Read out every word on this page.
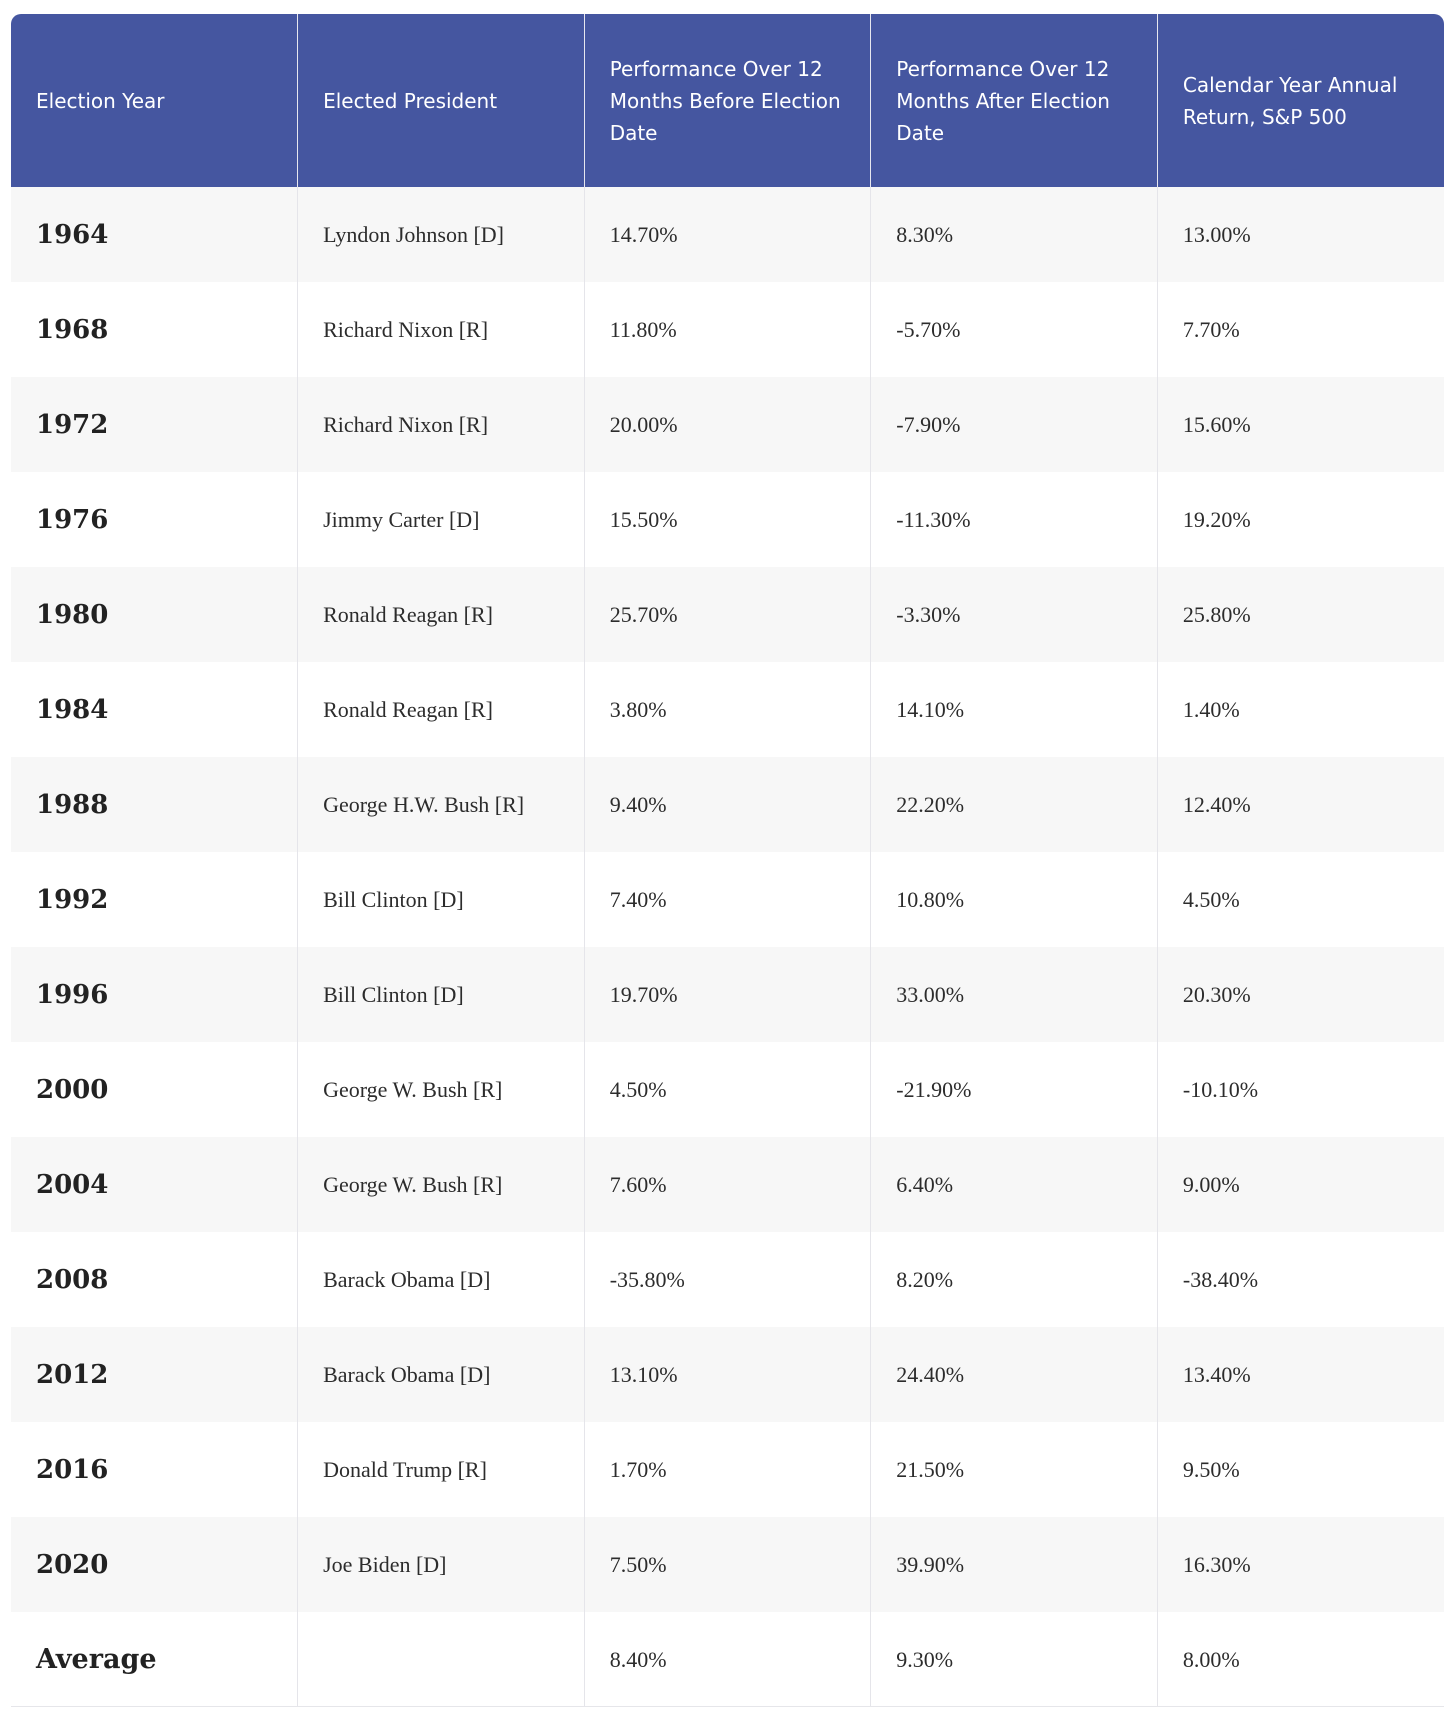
Election Year	Elected President	Performance Over 12 Months Before Election Date	Performance Over 12 Months After Election Date	Calendar Year Annual Return, S&P 500
1964	Lyndon Johnson [D]	14.70%	8.30%	13.00%
1968	Richard Nixon [R]	11.80%	-5.70%	7.70%
1972	Richard Nixon [R]	20.00%	-7.90%	15.60%
1976	Jimmy Carter [D]	15.50%	-11.30%	19.20%
1980	Ronald Reagan [R]	25.70%	-3.30%	25.80%
1984	Ronald Reagan [R]	3.80%	14.10%	1.40%
1988	George H.W. Bush [R]	9.40%	22.20%	12.40%
1992	Bill Clinton [D]	7.40%	10.80%	4.50%
1996	Bill Clinton [D]	19.70%	33.00%	20.30%
2000	George W. Bush [R]	4.50%	-21.90%	-10.10%
2004	George W. Bush [R]	7.60%	6.40%	9.00%
2008	Barack Obama [D]	-35.80%	8.20%	-38.40%
2012	Barack Obama [D]	13.10%	24.40%	13.40%
2016	Donald Trump [R]	1.70%	21.50%	9.50%
2020	Joe Biden [D]	7.50%	39.90%	16.30%
Average		8.40%	9.30%	8.00%
